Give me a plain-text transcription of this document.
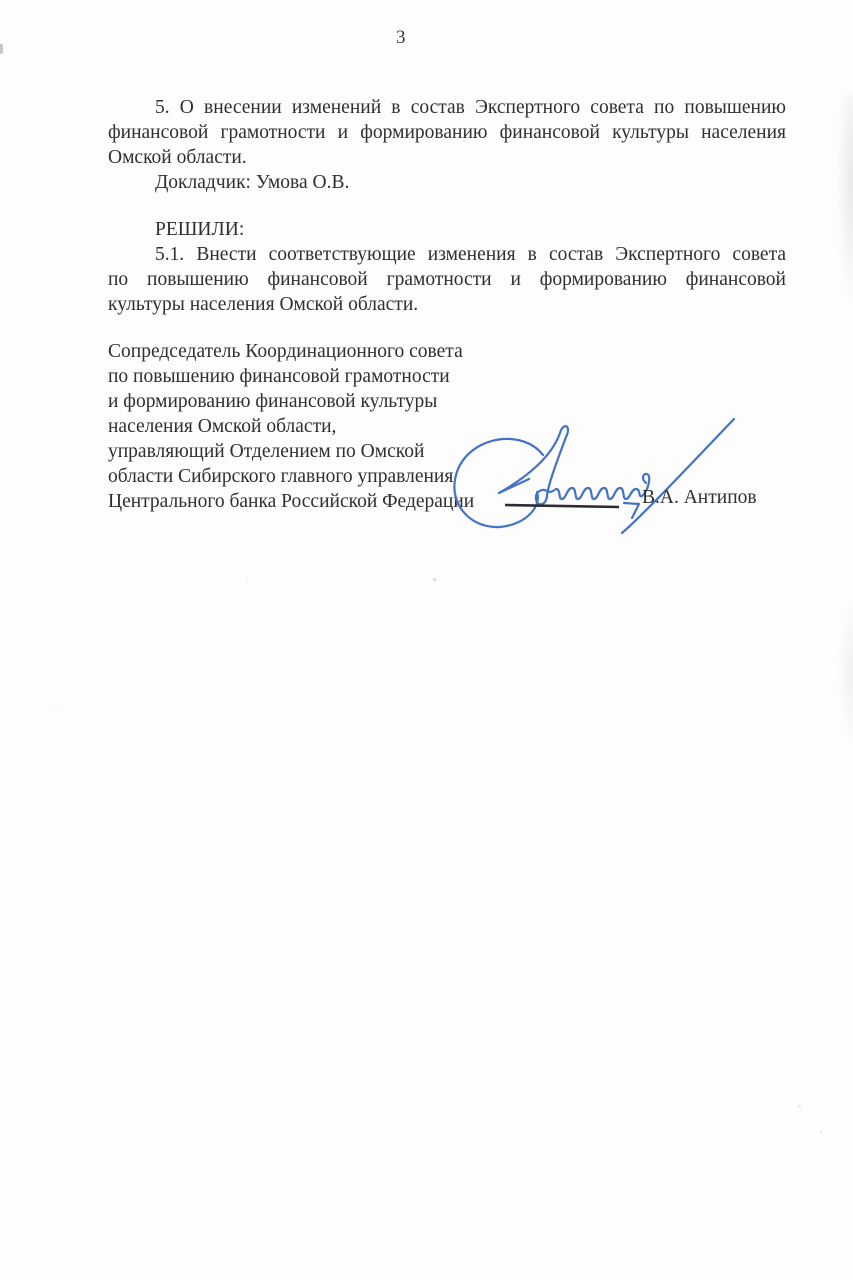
3
5. О внесении изменений в состав Экспертного совета по повышению
финансовой грамотности и формированию финансовой культуры населения
Омской области.
Докладчик: Умова О.В.
РЕШИЛИ:
5.1. Внести соответствующие изменения в состав Экспертного совета
по повышению финансовой грамотности и формированию финансовой
культуры населения Омской области.
Сопредседатель Координационного совета
по повышению финансовой грамотности
и формированию финансовой культуры
населения Омской области,
управляющий Отделением по Омской
области Сибирского главного управления
Центрального банка Российской Федерации	В.А. Антипов
